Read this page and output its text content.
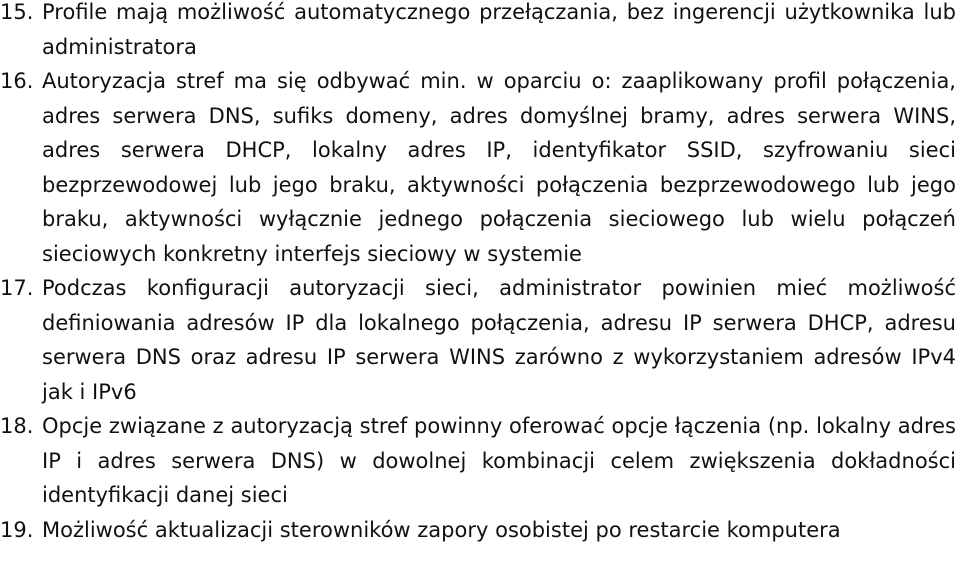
15. Profile mają możliwość automatycznego przełączania, bez ingerencji użytkownika lub administratora
16. Autoryzacja stref ma się odbywać min. w oparciu o: zaaplikowany profil połączenia, adres serwera DNS, sufiks domeny, adres domyślnej bramy, adres serwera WINS, adres serwera DHCP, lokalny adres IP, identyfikator SSID, szyfrowaniu sieci bezprzewodowej lub jego braku, aktywności połączenia bezprzewodowego lub jego braku, aktywności wyłącznie jednego połączenia sieciowego lub wielu połączeń sieciowych konkretny interfejs sieciowy w systemie
17. Podczas konfiguracji autoryzacji sieci, administrator powinien mieć możliwość definiowania adresów IP dla lokalnego połączenia, adresu IP serwera DHCP, adresu serwera DNS oraz adresu IP serwera WINS zarówno z wykorzystaniem adresów IPv4 jak i IPv6
18. Opcje związane z autoryzacją stref powinny oferować opcje łączenia (np. lokalny adres IP i adres serwera DNS) w dowolnej kombinacji celem zwiększenia dokładności identyfikacji danej sieci
19. Możliwość aktualizacji sterowników zapory osobistej po restarcie komputera
